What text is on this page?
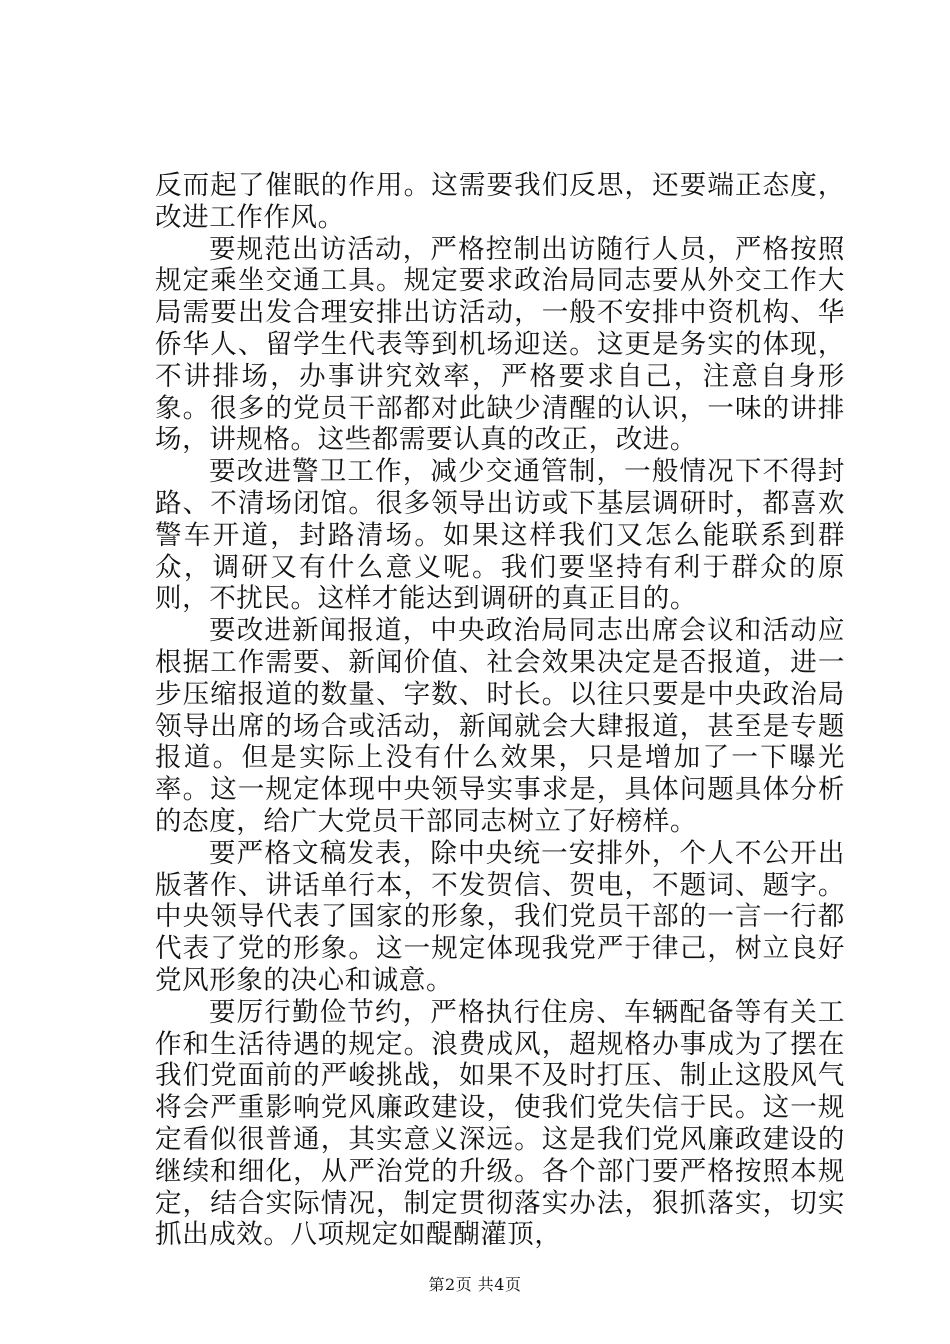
反而起了催眠的作用。这需要我们反思，还要端正态度，改进工作作风。

要规范出访活动，严格控制出访随行人员，严格按照规定乘坐交通工具。规定要求政治局同志要从外交工作大局需要出发合理安排出访活动，一般不安排中资机构、华侨华人、留学生代表等到机场迎送。这更是务实的体现，不讲排场，办事讲究效率，严格要求自己，注意自身形象。很多的党员干部都对此缺少清醒的认识，一味的讲排场，讲规格。这些都需要认真的改正，改进。

要改进警卫工作，减少交通管制，一般情况下不得封路、不清场闭馆。很多领导出访或下基层调研时，都喜欢警车开道，封路清场。如果这样我们又怎么能联系到群众，调研又有什么意义呢。我们要坚持有利于群众的原则，不扰民。这样才能达到调研的真正目的。

要改进新闻报道，中央政治局同志出席会议和活动应根据工作需要、新闻价值、社会效果决定是否报道，进一步压缩报道的数量、字数、时长。以往只要是中央政治局领导出席的场合或活动，新闻就会大肆报道，甚至是专题报道。但是实际上没有什么效果，只是增加了一下曝光率。这一规定体现中央领导实事求是，具体问题具体分析的态度，给广大党员干部同志树立了好榜样。

要严格文稿发表，除中央统一安排外，个人不公开出版著作、讲话单行本，不发贺信、贺电，不题词、题字。中央领导代表了国家的形象，我们党员干部的一言一行都代表了党的形象。这一规定体现我党严于律己，树立良好党风形象的决心和诚意。

要厉行勤俭节约，严格执行住房、车辆配备等有关工作和生活待遇的规定。浪费成风，超规格办事成为了摆在我们党面前的严峻挑战，如果不及时打压、制止这股风气将会严重影响党风廉政建设，使我们党失信于民。这一规定看似很普通，其实意义深远。这是我们党风廉政建设的继续和细化，从严治党的升级。各个部门要严格按照本规定，结合实际情况，制定贯彻落实办法，狠抓落实，切实抓出成效。八项规定如醍醐灌顶，

第2页 共4页
